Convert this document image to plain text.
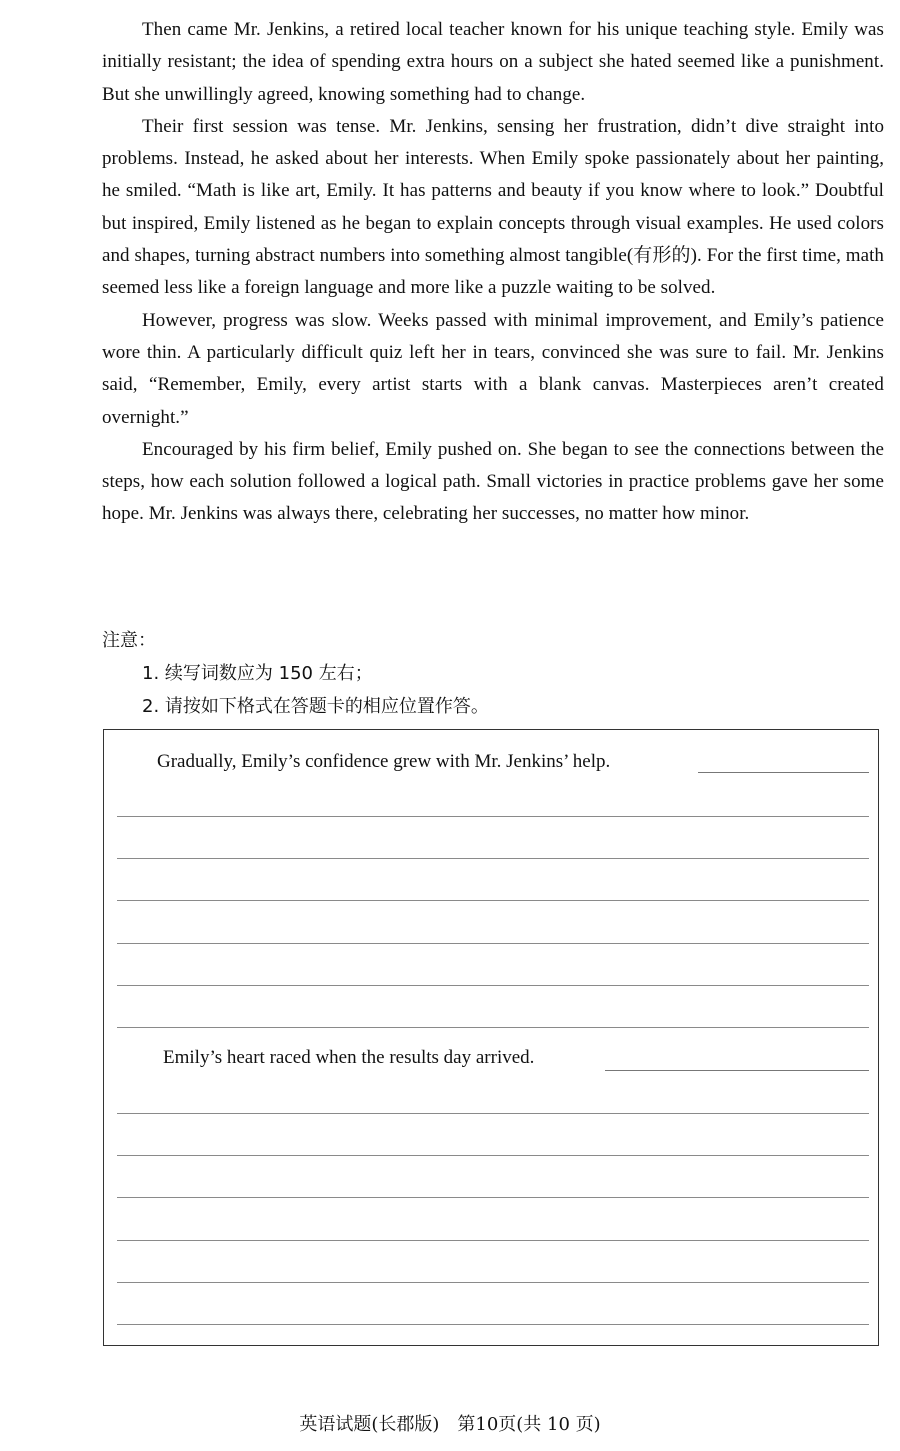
Then came Mr. Jenkins, a retired local teacher known for his unique teaching style. Emily was initially resistant; the idea of spending extra hours on a subject she hated seemed like a punishment. But she unwillingly agreed, knowing something had to change.

Their first session was tense. Mr. Jenkins, sensing her frustration, didn’t dive straight into problems. Instead, he asked about her interests. When Emily spoke passionately about her painting, he smiled. “Math is like art, Emily. It has patterns and beauty if you know where to look.” Doubtful but inspired, Emily listened as he began to explain concepts through visual examples. He used colors and shapes, turning abstract numbers into something almost tangible(有形的). For the first time, math seemed less like a foreign language and more like a puzzle waiting to be solved.

However, progress was slow. Weeks passed with minimal improvement, and Emily’s patience wore thin. A particularly difficult quiz left her in tears, convinced she was sure to fail. Mr. Jenkins said, “Remember, Emily, every artist starts with a blank canvas. Masterpieces aren’t created overnight.”

Encouraged by his firm belief, Emily pushed on. She began to see the connections between the steps, how each solution followed a logical path. Small victories in practice problems gave her some hope. Mr. Jenkins was always there, celebrating her successes, no matter how minor.

注意：
1. 续写词数应为 150 左右；
2. 请按如下格式在答题卡的相应位置作答。
Gradually, Emily’s confidence grew with Mr. Jenkins’ help.
Emily’s heart raced when the results day arrived.
英语试题(长郡版)　第10页(共 10 页)
